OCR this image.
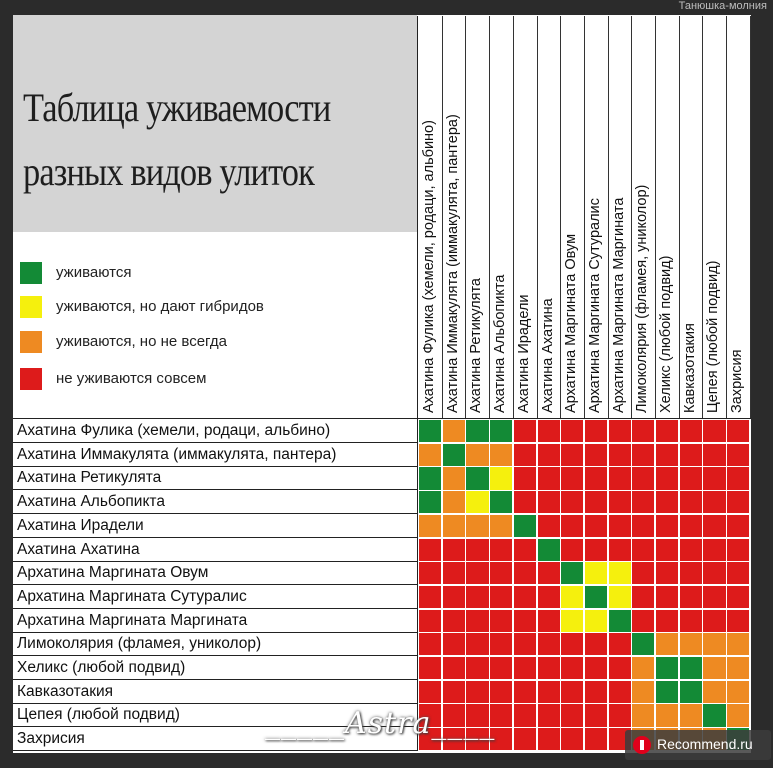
Таблица уживаемости
разных видов улиток
уживаются
уживаются, но дают гибридов
уживаются, но не всегда
не уживаются совсем	Ахатина Фулика (хемели, родаци, альбино) Ахатина Иммакулята (иммакулята, пантера) Ахатина Ретикулята Ахатина Альбопикта Ахатина Ирадели Ахатина Ахатина Архатина Маргината Овум Архатина Маргината Сутуралис Архатина Маргината Маргината Лимоколярия (фламея, униколор) Хеликс (любой подвид) Кавказотакия Цепея (любой подвид) Захрисия
Ахатина Фулика (хемели, родаци, альбино)
Ахатина Иммакулята (иммакулята, пантера)
Ахатина Ретикулята
Ахатина Альбопикта
Ахатина Ирадели
Ахатина Ахатина
Архатина Маргината Овум
Архатина Маргината Сутуралис
Архатина Маргината Маргината
Лимоколярия (фламея, униколор)
Хеликс (любой подвид)
Кавказотакия
Цепея (любой подвид)
Захрисия
Танюшка-молния
_____Astra____
Recommend.ru
